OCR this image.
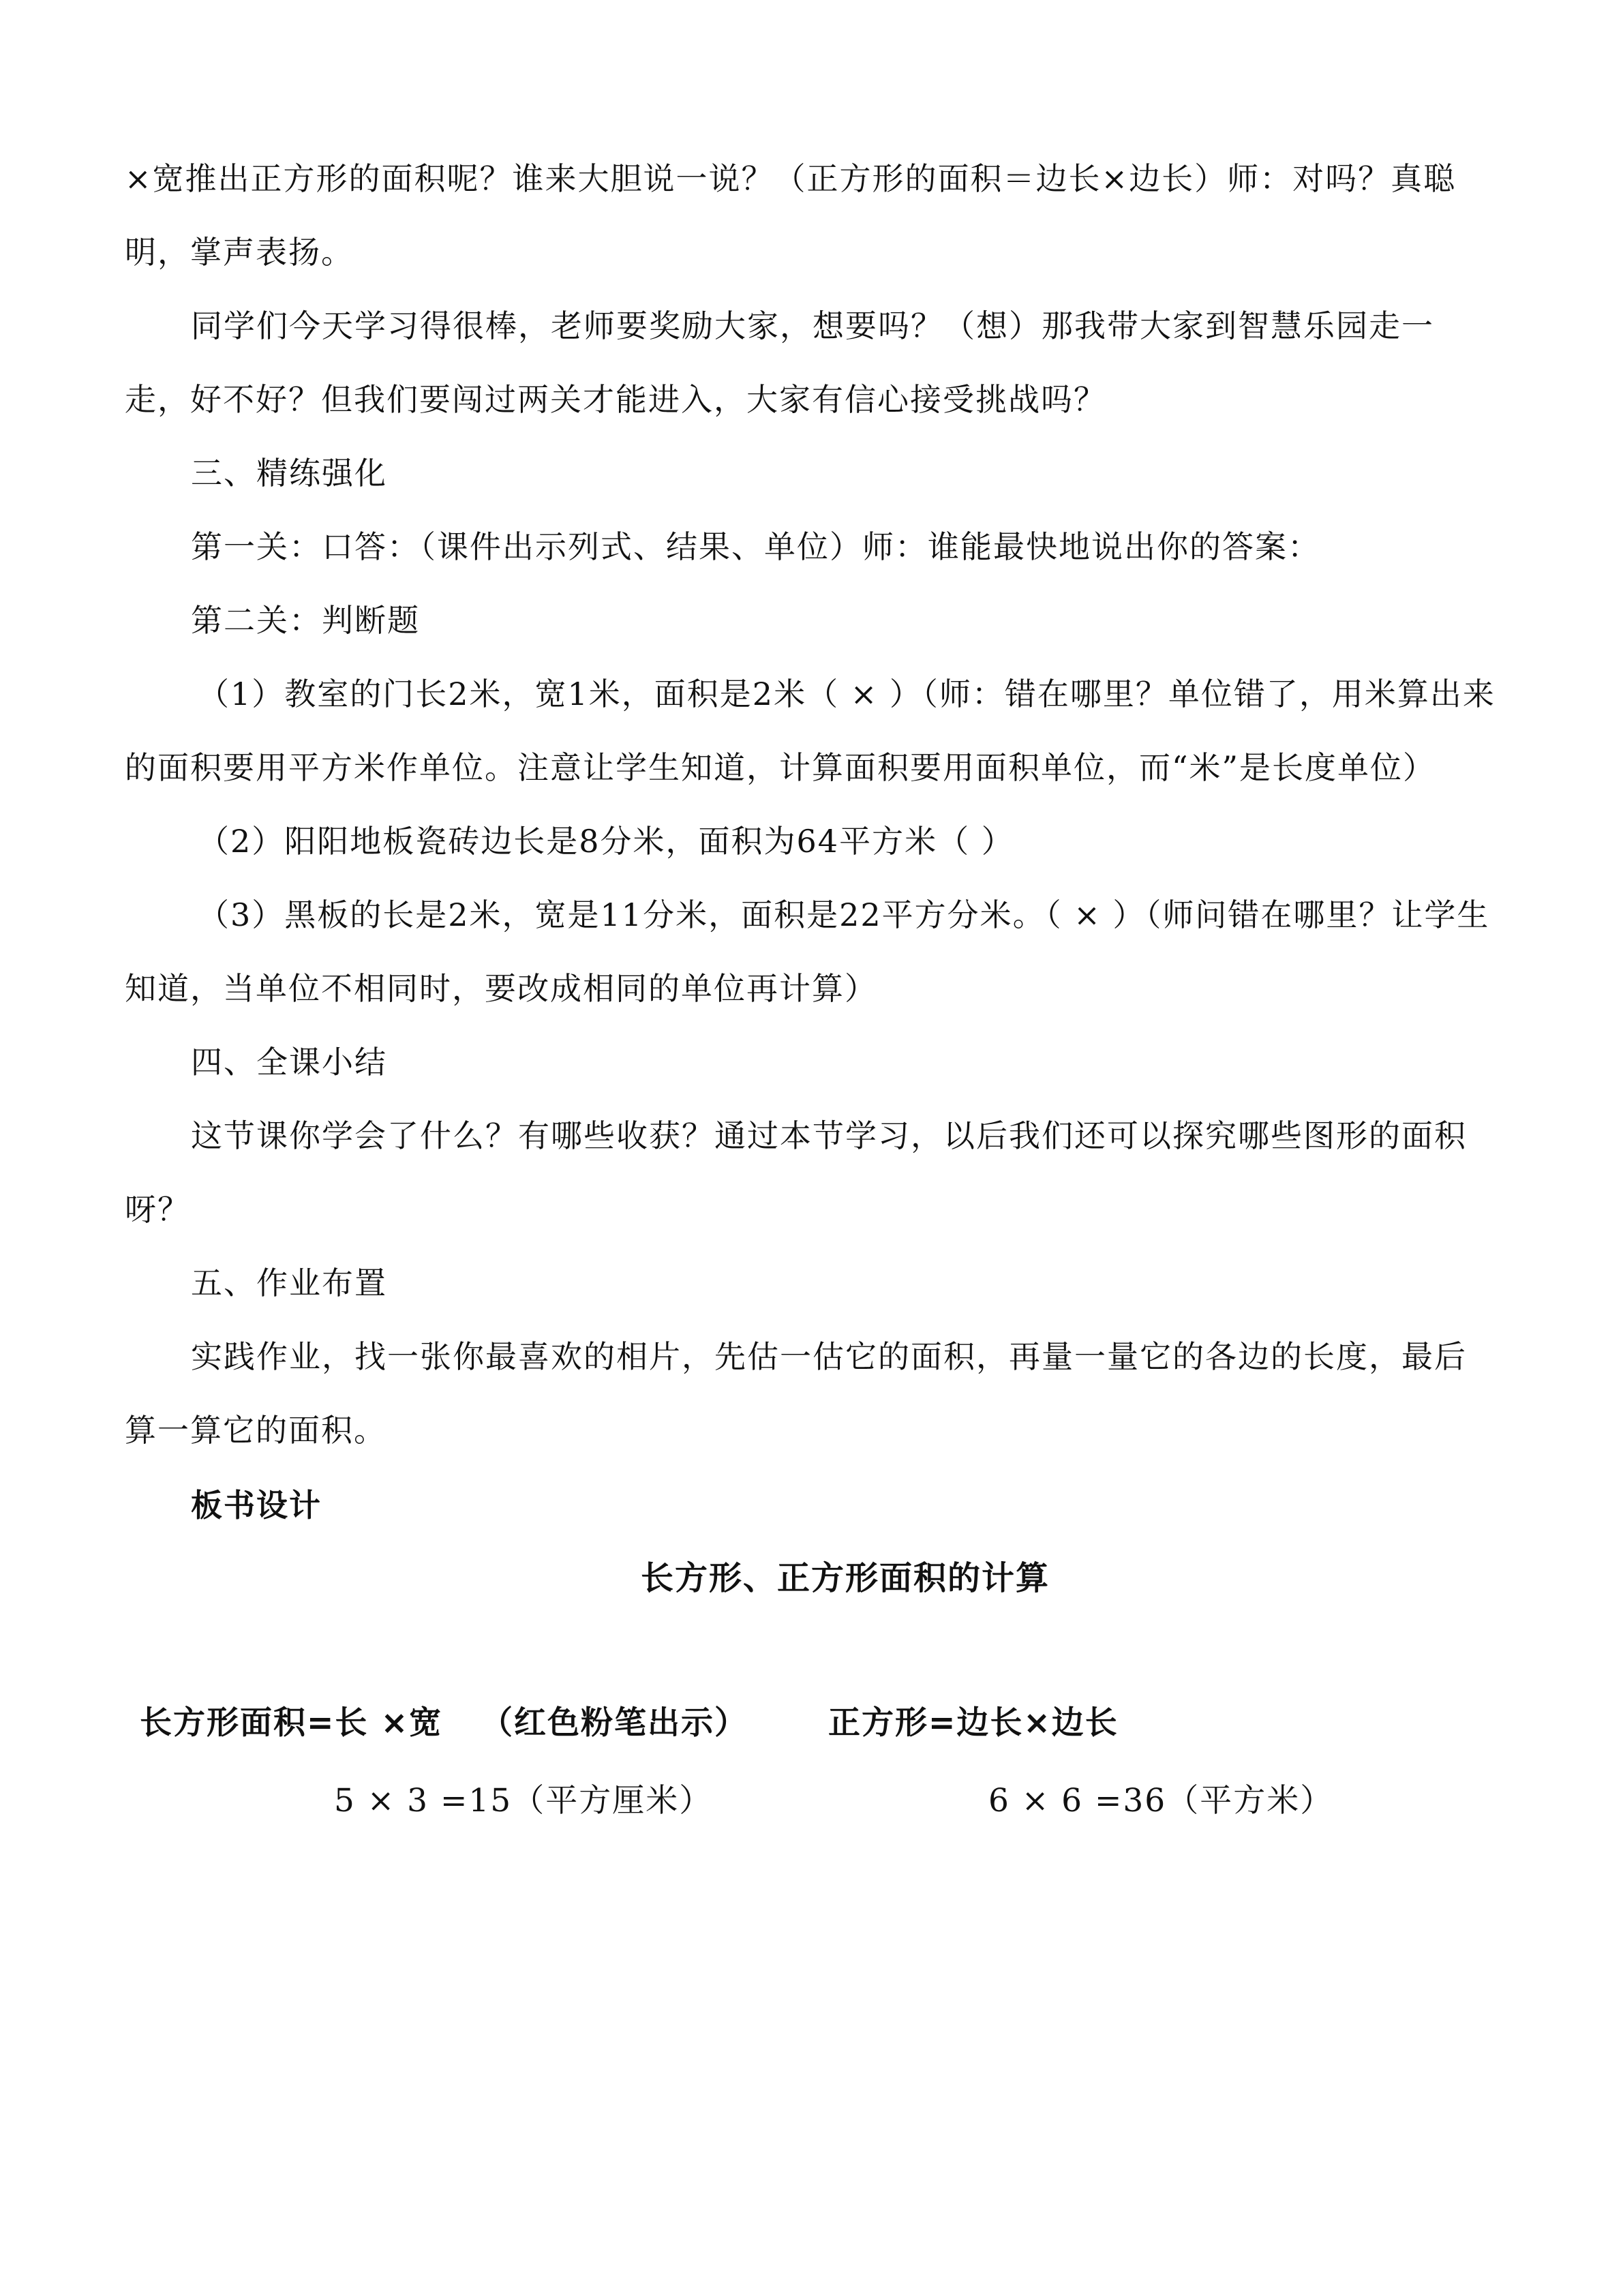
×宽推出正方形的面积呢？谁来大胆说一说？（正方形的面积＝边长×边长）师：对吗？真聪
明，掌声表扬。
同学们今天学习得很棒，老师要奖励大家，想要吗？（想）那我带大家到智慧乐园走一
走，好不好？但我们要闯过两关才能进入，大家有信心接受挑战吗？
三、精练强化
第一关：口答：（课件出示列式、结果、单位）师：谁能最快地说出你的答案：
第二关：判断题
（1）教室的门长2米，宽1米，面积是2米（ × ）（师：错在哪里？单位错了，用米算出来
的面积要用平方米作单位。注意让学生知道，计算面积要用面积单位，而“米”是长度单位）
（2）阳阳地板瓷砖边长是8分米，面积为64平方米（ ）
（3）黑板的长是2米，宽是11分米，面积是22平方分米。（ × ）（师问错在哪里？让学生
知道，当单位不相同时，要改成相同的单位再计算）
四、全课小结
这节课你学会了什么？有哪些收获？通过本节学习，以后我们还可以探究哪些图形的面积
呀？
五、作业布置
实践作业，找一张你最喜欢的相片，先估一估它的面积，再量一量它的各边的长度，最后
算一算它的面积。
板书设计
长方形、正方形面积的计算
长方形面积=长 ×宽 （红色粉笔出示）	正方形=边长×边长
5 × 3 =15（平方厘米）	6 × 6 =36（平方米）
